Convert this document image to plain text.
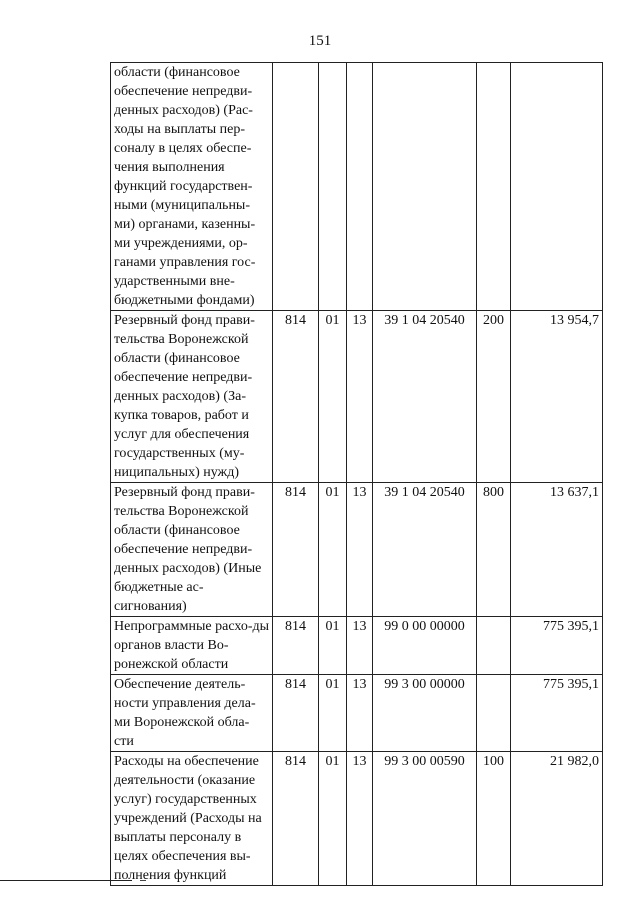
151
области (финансовое обеспечение непредви-денных расходов) (Рас-ходы на выплаты пер-соналу в целях обеспе-чения выполнения функций государствен-ными (муниципальны-ми) органами, казенны-ми учреждениями, ор-ганами управления гос-ударственными вне-бюджетными фондами)						
Резервный фонд прави-тельства Воронежской области (финансовое обеспечение непредви-денных расходов) (За-купка товаров, работ и услуг для обеспечения государственных (му-ниципальных) нужд)	814	01	13	39 1 04 20540	200	13 954,7
Резервный фонд прави-тельства Воронежской области (финансовое обеспечение непредви-денных расходов) (Иные бюджетные ас-сигнования)	814	01	13	39 1 04 20540	800	13 637,1
Непрограммные расхо-ды органов власти Во-ронежской области	814	01	13	99 0 00 00000		775 395,1
Обеспечение деятель-ности управления дела-ми Воронежской обла-сти	814	01	13	99 3 00 00000		775 395,1
Расходы на обеспечение деятельности (оказание услуг) государственных учреждений (Расходы на выплаты персоналу в целях обеспечения вы-полнения функций	814	01	13	99 3 00 00590	100	21 982,0
